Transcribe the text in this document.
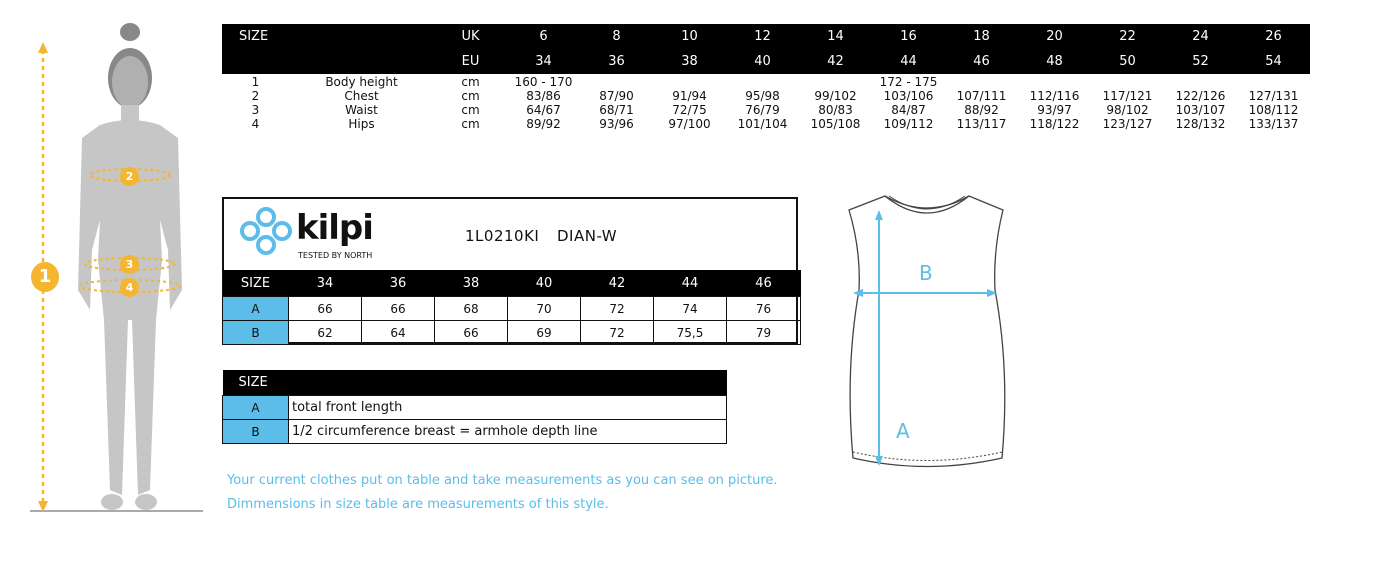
1
2
3
4
SIZE		UK	6	8	10	12	14	16	18	20	22	24	26	
		EU	34	36	38	40	42	44	46	48	50	52	54	
1	Body height	cm	160 - 170					172 - 175					
2	Chest	cm	83/86	87/90	91/94	95/98	99/102	103/106	107/111	112/116	117/121	122/126	127/131
3	Waist	cm	64/67	68/71	72/75	76/79	80/83	84/87	88/92	93/97	98/102	103/107	108/112
4	Hips	cm	89/92	93/96	97/100	101/104	105/108	109/112	113/117	118/122	123/127	128/132	133/137
kilpi
TESTED BY NORTH
1L0210KI DIAN-W
SIZE	34	36	38	40	42	44	46
A	66	66	68	70	72	74	76
B	62	64	66	69	72	75,5	79
SIZE	
A	total front length
B	1/2 circumference breast = armhole depth line
Your current clothes put on table and take measurements as you can see on picture.
Dimmensions in size table are measurements of this style.
B
A
